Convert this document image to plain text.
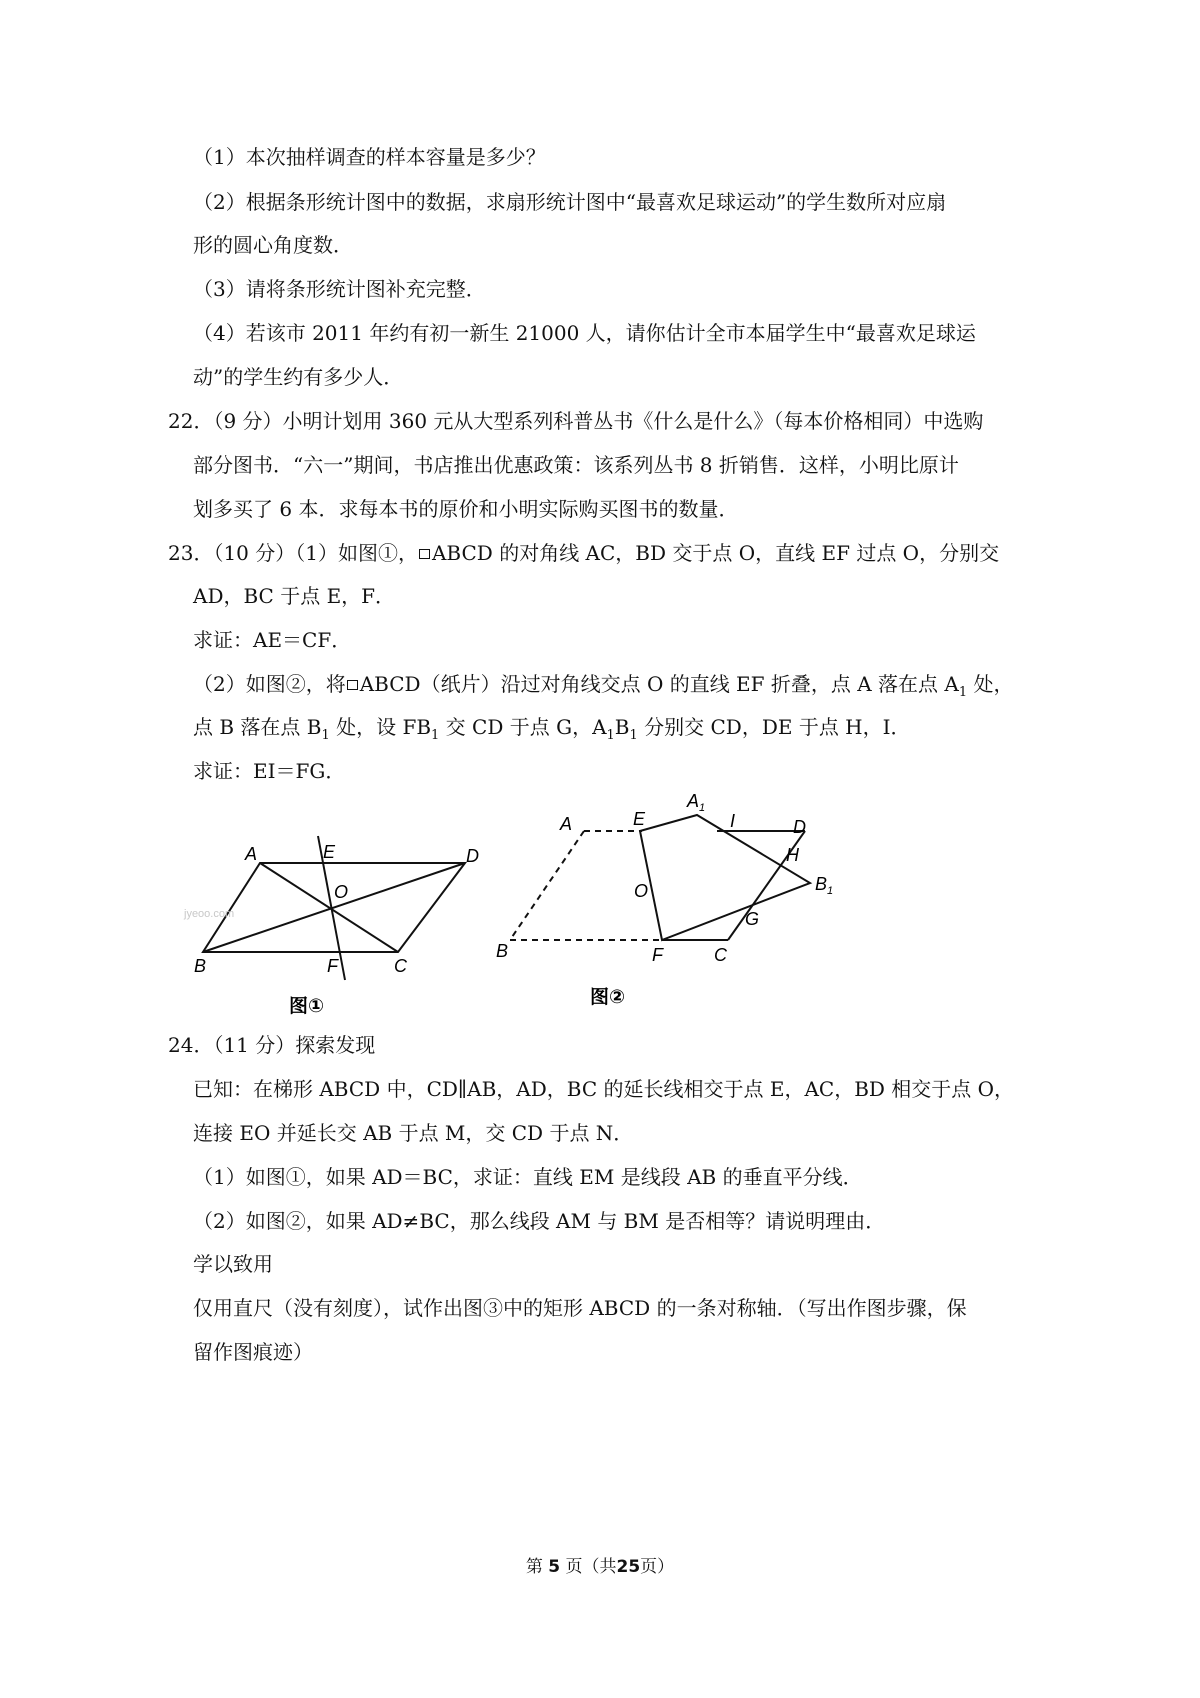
（1）本次抽样调查的样本容量是多少？
（2）根据条形统计图中的数据，求扇形统计图中“最喜欢足球运动”的学生数所对应扇
形的圆心角度数．
（3）请将条形统计图补充完整．
（4）若该市 2011 年约有初一新生 21000 人，请你估计全市本届学生中“最喜欢足球运
动”的学生约有多少人．
22．（9 分）小明计划用 360 元从大型系列科普丛书《什么是什么》（每本价格相同）中选购
部分图书．“六一”期间，书店推出优惠政策：该系列丛书 8 折销售．这样，小明比原计
划多买了 6 本．求每本书的原价和小明实际购买图书的数量．
23．（10 分）（1）如图①， ABCD 的对角线 AC，BD 交于点 O，直线 EF 过点 O，分别交
AD，BC 于点 E，F．
求证：AE＝CF．
（2）如图②，将 ABCD（纸片）沿过对角线交点 O 的直线 EF 折叠，点 A 落在点 $A_1$ 处，
点 B 落在点 $B_1$ 处，设 $FB_1$ 交 CD 于点 G，$A_1B_1$ 分别交 CD，DE 于点 H，I．
求证：EI＝FG．
A	E	D
O
B	F	C
jyeoo.com
图①
A	E
$A_1$
I	D
H
O	$B_1$
G
B	F	C
图②
24．（11 分）探索发现
已知：在梯形 ABCD 中，CD∥AB，AD，BC 的延长线相交于点 E，AC，BD 相交于点 O，
连接 EO 并延长交 AB 于点 M，交 CD 于点 N．
（1）如图①，如果 AD＝BC，求证：直线 EM 是线段 AB 的垂直平分线．
（2）如图②，如果 AD≠BC，那么线段 AM 与 BM 是否相等？请说明理由．
学以致用
仅用直尺（没有刻度），试作出图③中的矩形 ABCD 的一条对称轴．（写出作图步骤，保
留作图痕迹）
第 5 页（共25页）
